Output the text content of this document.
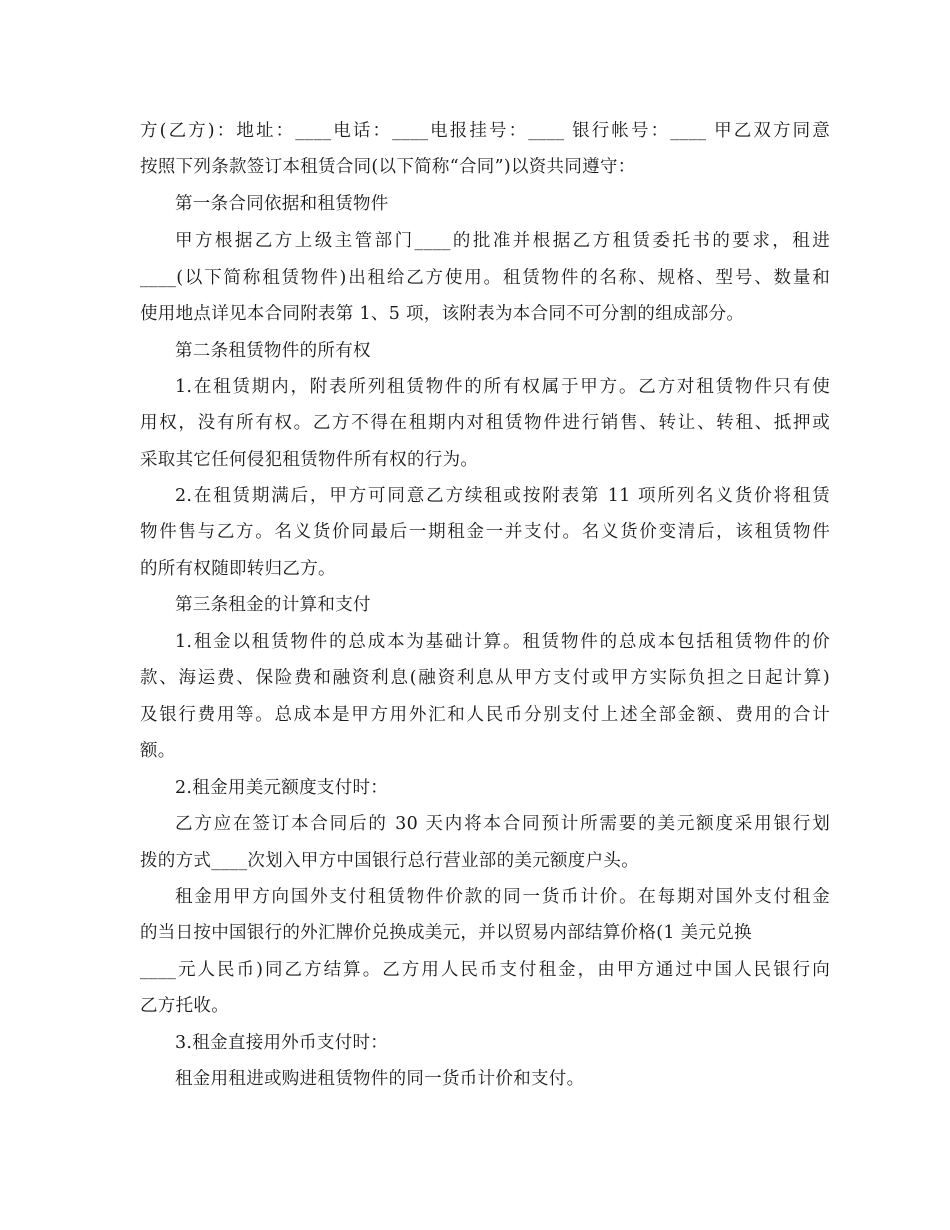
方(乙方)：地址：____电话：____电报挂号：____ 银行帐号：____ 甲乙双方同意

按照下列条款签订本租赁合同(以下简称“合同”)以资共同遵守：

第一条合同依据和租赁物件

甲方根据乙方上级主管部门____的批准并根据乙方租赁委托书的要求，租进

____(以下简称租赁物件)出租给乙方使用。租赁物件的名称、规格、型号、数量和

使用地点详见本合同附表第 1、5 项，该附表为本合同不可分割的组成部分。

第二条租赁物件的所有权

1.在租赁期内，附表所列租赁物件的所有权属于甲方。乙方对租赁物件只有使

用权，没有所有权。乙方不得在租期内对租赁物件进行销售、转让、转租、抵押或

采取其它任何侵犯租赁物件所有权的行为。

2.在租赁期满后，甲方可同意乙方续租或按附表第 11 项所列名义货价将租赁

物件售与乙方。名义货价同最后一期租金一并支付。名义货价变清后，该租赁物件

的所有权随即转归乙方。

第三条租金的计算和支付

1.租金以租赁物件的总成本为基础计算。租赁物件的总成本包括租赁物件的价

款、海运费、保险费和融资利息(融资利息从甲方支付或甲方实际负担之日起计算)

及银行费用等。总成本是甲方用外汇和人民币分别支付上述全部金额、费用的合计

额。

2.租金用美元额度支付时：

乙方应在签订本合同后的 30 天内将本合同预计所需要的美元额度采用银行划

拨的方式____次划入甲方中国银行总行营业部的美元额度户头。

租金用甲方向国外支付租赁物件价款的同一货币计价。在每期对国外支付租金

的当日按中国银行的外汇牌价兑换成美元，并以贸易内部结算价格(1 美元兑换

____元人民币)同乙方结算。乙方用人民币支付租金，由甲方通过中国人民银行向

乙方托收。

3.租金直接用外币支付时：

租金用租进或购进租赁物件的同一货币计价和支付。
